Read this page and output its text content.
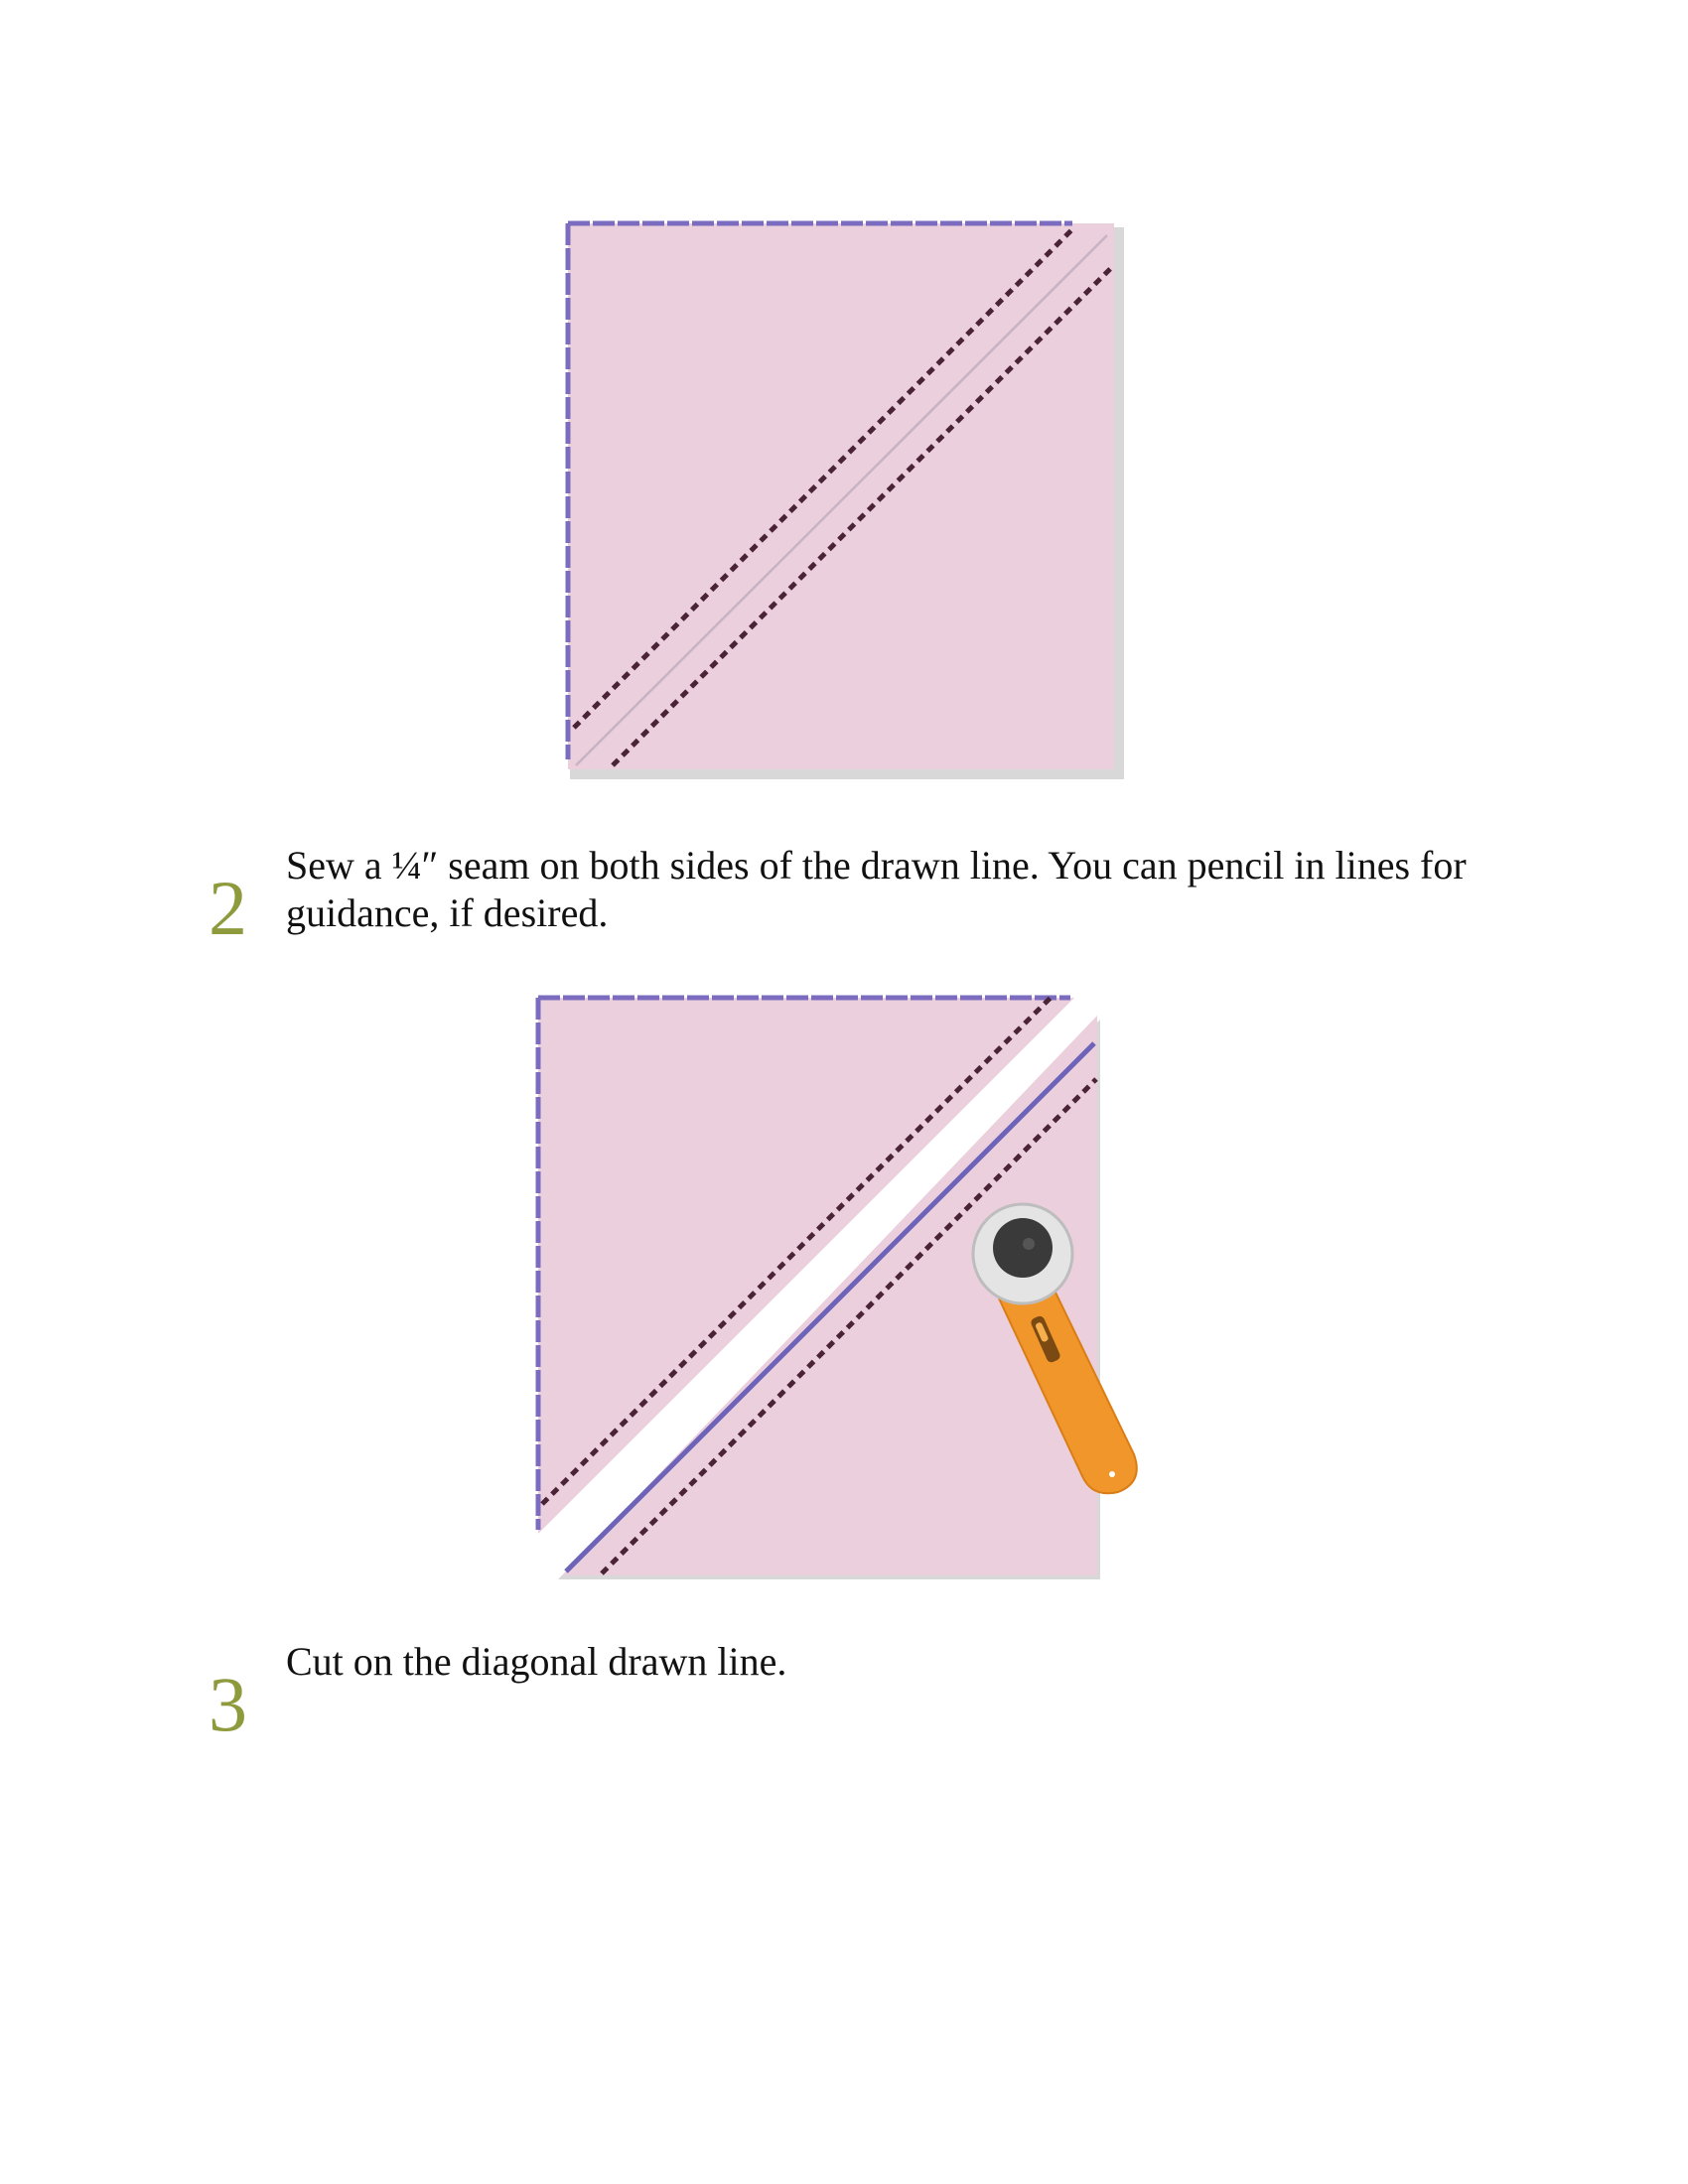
2 Sew a ¼″ seam on both sides of the drawn line. You can pencil in lines for guidance, if desired.
3 Cut on the diagonal drawn line.
